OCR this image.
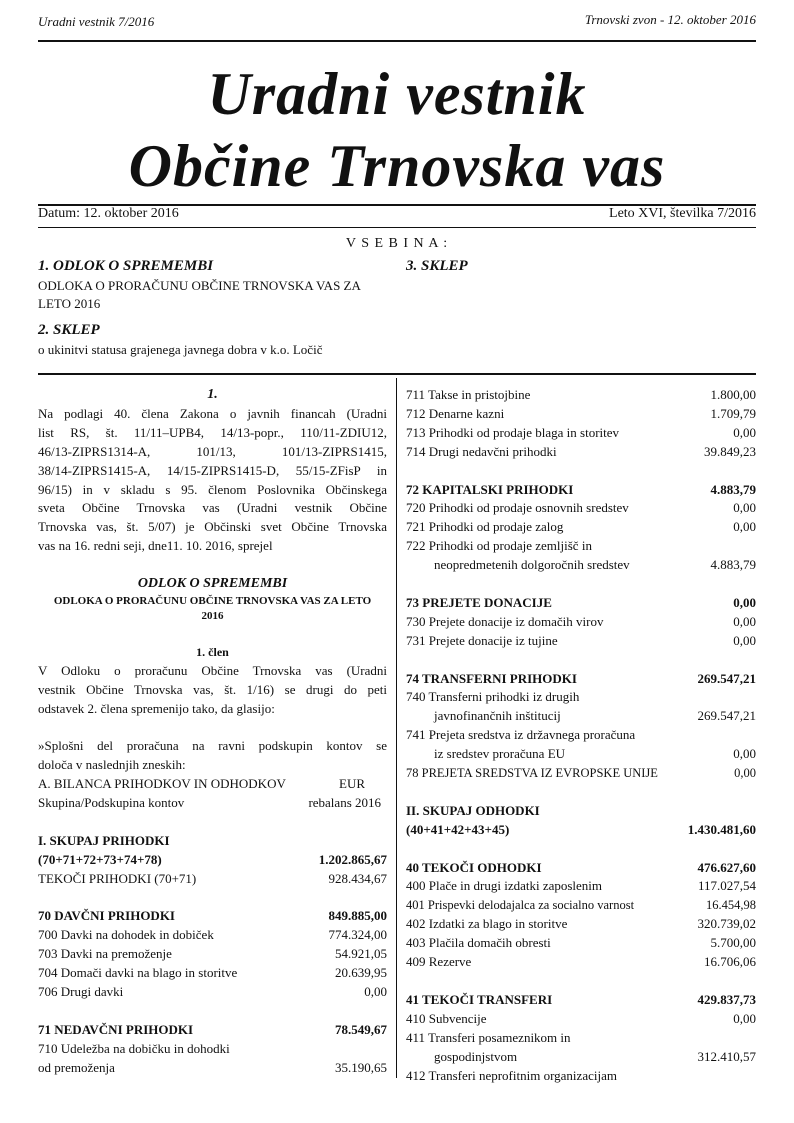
Uradni vestnik 7/2016	Trnovski zvon - 12. oktober 2016
Uradni vestnik
Občine Trnovska vas
Datum: 12. oktober 2016	Leto XVI, številka 7/2016
V S E B I N A :
1. ODLOK O SPREMEMBI
ODLOKA O PRORAČUNU OBČINE TRNOVSKA VAS ZA LETO 2016
2. SKLEP
o ukinitvi statusa grajenega javnega dobra v k.o. Ločič
3. SKLEP

1.

Na podlagi 40. člena Zakona o javnih financah (Uradni

list RS, št. 11/11–UPB4, 14/13-popr., 110/11-ZDIU12,

46/13-ZIPRS1314-A, 101/13, 101/13-ZIPRS1415,

38/14-ZIPRS1415-A, 14/15-ZIPRS1415-D, 55/15-ZFisP in

96/15) in v skladu s 95. členom Poslovnika Občinskega

sveta Občine Trnovska vas (Uradni vestnik Občine

Trnovska vas, št. 5/07) je Občinski svet Občine Trnovska

vas na 16. redni seji, dne11. 10. 2016, sprejel

ODLOK O SPREMEMBI

ODLOKA O PRORAČUNU OBČINE TRNOVSKA VAS ZA LETO 2016

1. člen

V Odloku o proračunu Občine Trnovska vas (Uradni

vestnik Občine Trnovska vas, št. 1/16) se drugi do peti

odstavek 2. člena spremenijo tako, da glasijo:

»Splošni del proračuna na ravni podskupin kontov se

določa v naslednjih zneskih:

A. BILANCA PRIHODKOV IN ODHODKOV	EUR
Skupina/Podskupina kontov	rebalans 2016
I. SKUPAJ PRIHODKI
(70+71+72+73+74+78)	1.202.865,67
TEKOČI PRIHODKI (70+71)	928.434,67
70 DAVČNI PRIHODKI	849.885,00
700 Davki na dohodek in dobiček	774.324,00
703 Davki na premoženje	54.921,05
704 Domači davki na blago in storitve	20.639,95
706 Drugi davki	0,00
71 NEDAVČNI PRIHODKI	78.549,67
710 Udeležba na dobičku in dohodki
od premoženja	35.190,65
711 Takse in pristojbine	1.800,00
712 Denarne kazni	1.709,79
713 Prihodki od prodaje blaga in storitev	0,00
714 Drugi nedavčni prihodki	39.849,23
72 KAPITALSKI PRIHODKI	4.883,79
720 Prihodki od prodaje osnovnih sredstev	0,00
721 Prihodki od prodaje zalog	0,00
722 Prihodki od prodaje zemljišč in
neopredmetenih dolgoročnih sredstev	4.883,79
73 PREJETE DONACIJE	0,00
730 Prejete donacije iz domačih virov	0,00
731 Prejete donacije iz tujine	0,00
74 TRANSFERNI PRIHODKI	269.547,21
740 Transferni prihodki iz drugih
javnofinančnih inštitucij	269.547,21
741 Prejeta sredstva iz državnega proračuna
iz sredstev proračuna EU	0,00
78 PREJETA SREDSTVA IZ EVROPSKE UNIJE	0,00
II. SKUPAJ ODHODKI
(40+41+42+43+45)	1.430.481,60
40 TEKOČI ODHODKI	476.627,60
400 Plače in drugi izdatki zaposlenim	117.027,54
401 Prispevki delodajalca za socialno varnost	16.454,98
402 Izdatki za blago in storitve	320.739,02
403 Plačila domačih obresti	5.700,00
409 Rezerve	16.706,06
41 TEKOČI TRANSFERI	429.837,73
410 Subvencije	0,00
411 Transferi posameznikom in
gospodinjstvom	312.410,57
412 Transferi neprofitnim organizacijam
